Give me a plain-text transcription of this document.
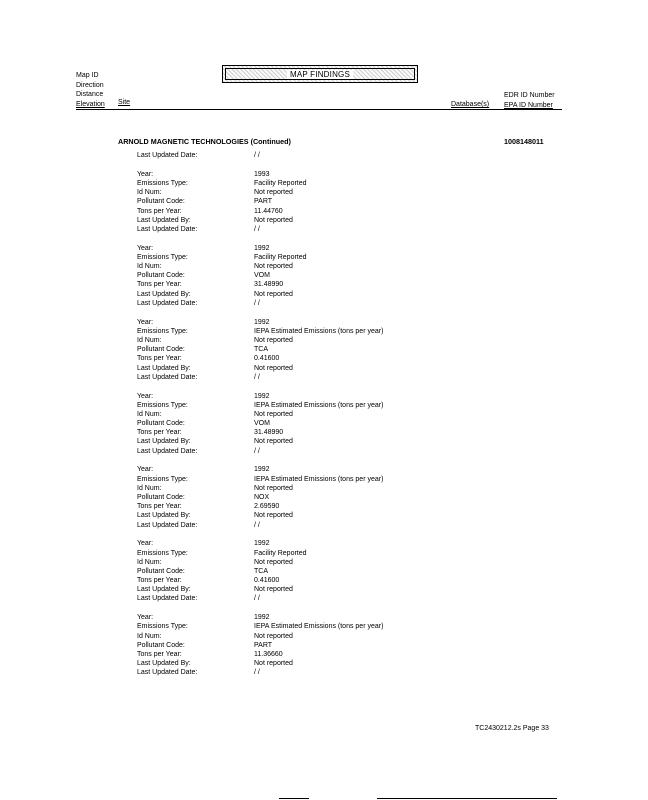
Map ID
Direction
Distance
Elevation Site
MAP FINDINGS
Database(s)
EDR ID Number
EPA ID Number
ARNOLD MAGNETIC TECHNOLOGIES (Continued)	1008148011
Last Updated Date:	/ /
Year:	1993
Emissions Type:	Facility Reported
Id Num:	Not reported
Pollutant Code:	PART
Tons per Year:	11.44760
Last Updated By:	Not reported
Last Updated Date:	/ /
Year:	1992
Emissions Type:	Facility Reported
Id Num:	Not reported
Pollutant Code:	VOM
Tons per Year:	31.48990
Last Updated By:	Not reported
Last Updated Date:	/ /
Year:	1992
Emissions Type:	IEPA Estimated Emissions (tons per year)
Id Num:	Not reported
Pollutant Code:	TCA
Tons per Year:	0.41600
Last Updated By:	Not reported
Last Updated Date:	/ /
Year:	1992
Emissions Type:	IEPA Estimated Emissions (tons per year)
Id Num:	Not reported
Pollutant Code:	VOM
Tons per Year:	31.48990
Last Updated By:	Not reported
Last Updated Date:	/ /
Year:	1992
Emissions Type:	IEPA Estimated Emissions (tons per year)
Id Num:	Not reported
Pollutant Code:	NOX
Tons per Year:	2.69590
Last Updated By:	Not reported
Last Updated Date:	/ /
Year:	1992
Emissions Type:	Facility Reported
Id Num:	Not reported
Pollutant Code:	TCA
Tons per Year:	0.41600
Last Updated By:	Not reported
Last Updated Date:	/ /
Year:	1992
Emissions Type:	IEPA Estimated Emissions (tons per year)
Id Num:	Not reported
Pollutant Code:	PART
Tons per Year:	11.36660
Last Updated By:	Not reported
Last Updated Date:	/ /
TC2430212.2s Page 33
